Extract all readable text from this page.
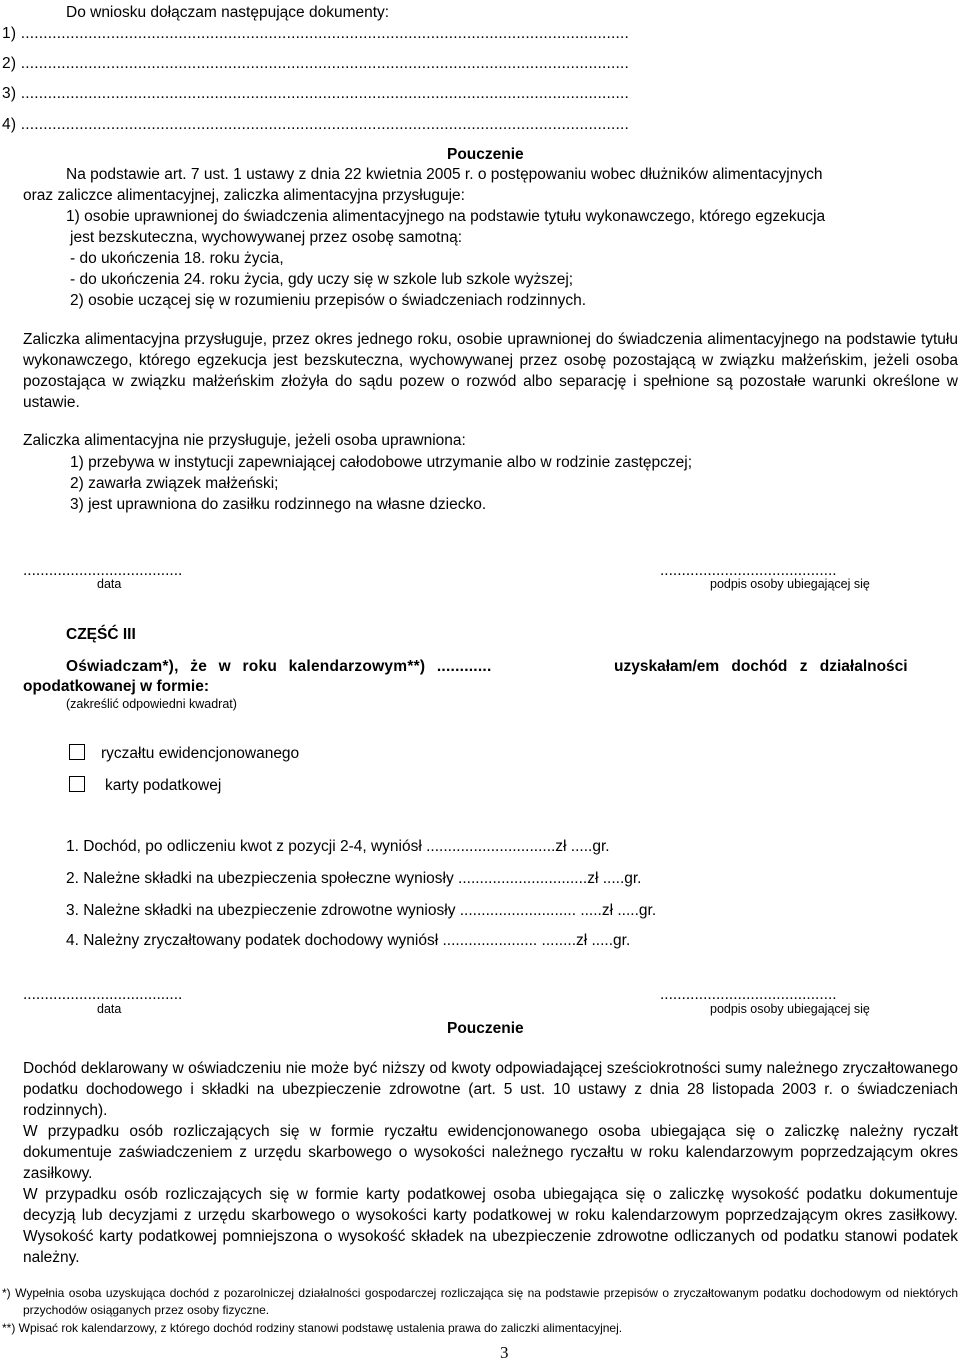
Do wniosku dołączam następujące dokumenty:
1) .......................................................................................................................................
2) .......................................................................................................................................
3) .......................................................................................................................................
4) .......................................................................................................................................
Pouczenie
Na podstawie art. 7 ust. 1 ustawy z dnia 22 kwietnia 2005 r. o postępowaniu wobec dłużników alimentacyjnych
oraz zaliczce alimentacyjnej, zaliczka alimentacyjna przysługuje:
1) osobie uprawnionej do świadczenia alimentacyjnego na podstawie tytułu wykonawczego, którego egzekucja
jest bezskuteczna, wychowywanej przez osobę samotną:
- do ukończenia 18. roku życia,
- do ukończenia 24. roku życia, gdy uczy się w szkole lub szkole wyższej;
2) osobie uczącej się w rozumieniu przepisów o świadczeniach rodzinnych.
Zaliczka alimentacyjna przysługuje, przez okres jednego roku, osobie uprawnionej do świadczenia alimentacyjnego na podstawie tytułu wykonawczego, którego egzekucja jest bezskuteczna, wychowywanej przez osobę pozostającą w związku małżeńskim, jeżeli osoba pozostająca w związku małżeńskim złożyła do sądu pozew o rozwód albo separację i spełnione są pozostałe warunki określone w ustawie.
Zaliczka alimentacyjna nie przysługuje, jeżeli osoba uprawniona:
1) przebywa w instytucji zapewniającej całodobowe utrzymanie albo w rodzinie zastępczej;
2) zawarła związek małżeński;
3) jest uprawniona do zasiłku rodzinnego na własne dziecko.
.....................................
data
.........................................
podpis osoby ubiegającej się
CZĘŚĆ III
Oświadczam*), że w roku kalendarzowym**) ............	uzyskałam/em dochód z działalności
opodatkowanej w formie:
(zakreślić odpowiedni kwadrat)
ryczałtu ewidencjonowanego
karty podatkowej
1. Dochód, po odliczeniu kwot z pozycji 2-4, wyniósł ..............................zł .....gr.
2. Należne składki na ubezpieczenia społeczne wyniosły ..............................zł .....gr.
3. Należne składki na ubezpieczenie zdrowotne wyniosły ........................... .....zł .....gr.
4. Należny zryczałtowany podatek dochodowy wyniósł ...................... ........zł .....gr.
.....................................
data
.........................................
podpis osoby ubiegającej się
Pouczenie
Dochód deklarowany w oświadczeniu nie może być niższy od kwoty odpowiadającej sześciokrotności sumy należnego zryczałtowanego podatku dochodowego i składki na ubezpieczenie zdrowotne (art. 5 ust. 10 ustawy z dnia 28 listopada 2003 r. o świadczeniach rodzinnych).
W przypadku osób rozliczających się w formie ryczałtu ewidencjonowanego osoba ubiegająca się o zaliczkę należny ryczałt dokumentuje zaświadczeniem z urzędu skarbowego o wysokości należnego ryczałtu w roku kalendarzowym poprzedzającym okres zasiłkowy.
W przypadku osób rozliczających się w formie karty podatkowej osoba ubiegająca się o zaliczkę wysokość podatku dokumentuje decyzją lub decyzjami z urzędu skarbowego o wysokości karty podatkowej w roku kalendarzowym poprzedzającym okres zasiłkowy. Wysokość karty podatkowej pomniejszona o wysokość składek na ubezpieczenie zdrowotne odliczanych od podatku stanowi podatek należny.
*) Wypełnia osoba uzyskująca dochód z pozarolniczej działalności gospodarczej rozliczająca się na podstawie przepisów o zryczałtowanym podatku dochodowym od niektórych przychodów osiąganych przez osoby fizyczne.
**) Wpisać rok kalendarzowy, z którego dochód rodziny stanowi podstawę ustalenia prawa do zaliczki alimentacyjnej.
3
